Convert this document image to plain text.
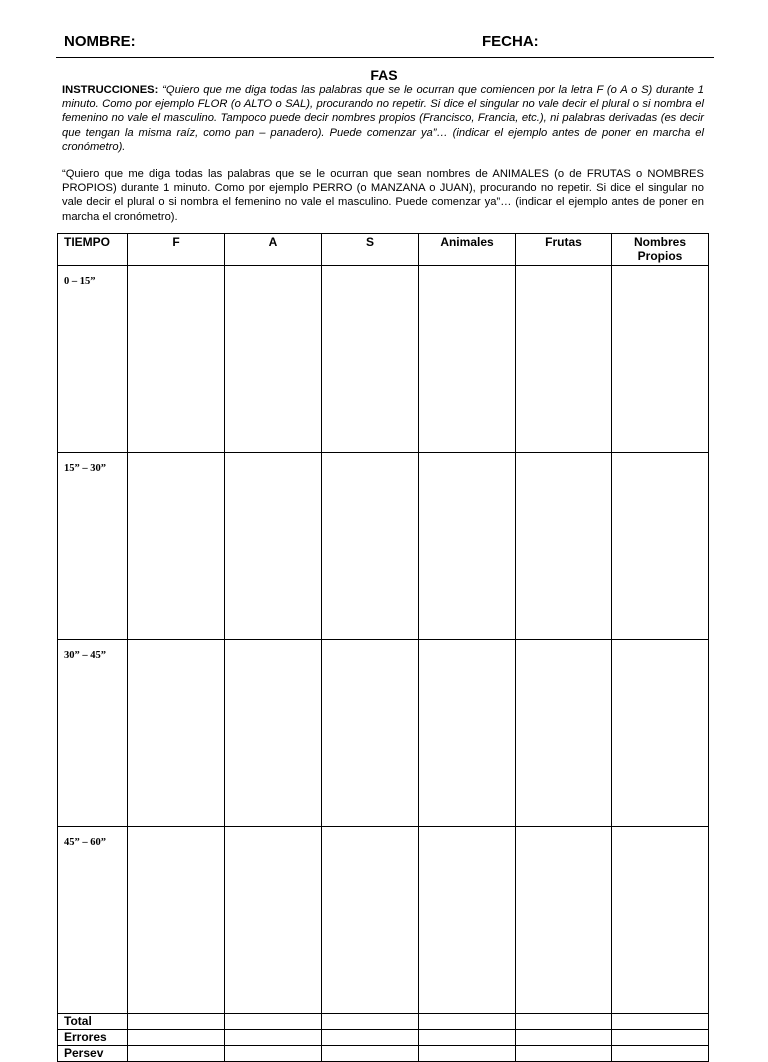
NOMBRE:	FECHA:
FAS
INSTRUCCIONES: “Quiero que me diga todas las palabras que se le ocurran que comiencen por la letra F (o A o S) durante 1 minuto. Como por ejemplo FLOR (o ALTO o SAL), procurando no repetir. Si dice el singular no vale decir el plural o si nombra el femenino no vale el masculino. Tampoco puede decir nombres propios (Francisco, Francia, etc.), ni palabras derivadas (es decir que tengan la misma raíz, como pan – panadero). Puede comenzar ya”… (indicar el ejemplo antes de poner en marcha el cronómetro).
“Quiero que me diga todas las palabras que se le ocurran que sean nombres de ANIMALES (o de FRUTAS o NOMBRES PROPIOS) durante 1 minuto. Como por ejemplo PERRO (o MANZANA o JUAN), procurando no repetir. Si dice el singular no vale decir el plural o si nombra el femenino no vale el masculino. Puede comenzar ya”… (indicar el ejemplo antes de poner en marcha el cronómetro).
TIEMPO	F	A	S	Animales	Frutas	Nombres Propios
0 – 15”						
15” – 30”						
30” – 45”						
45” – 60”						
Total						
Errores						
Persev						
